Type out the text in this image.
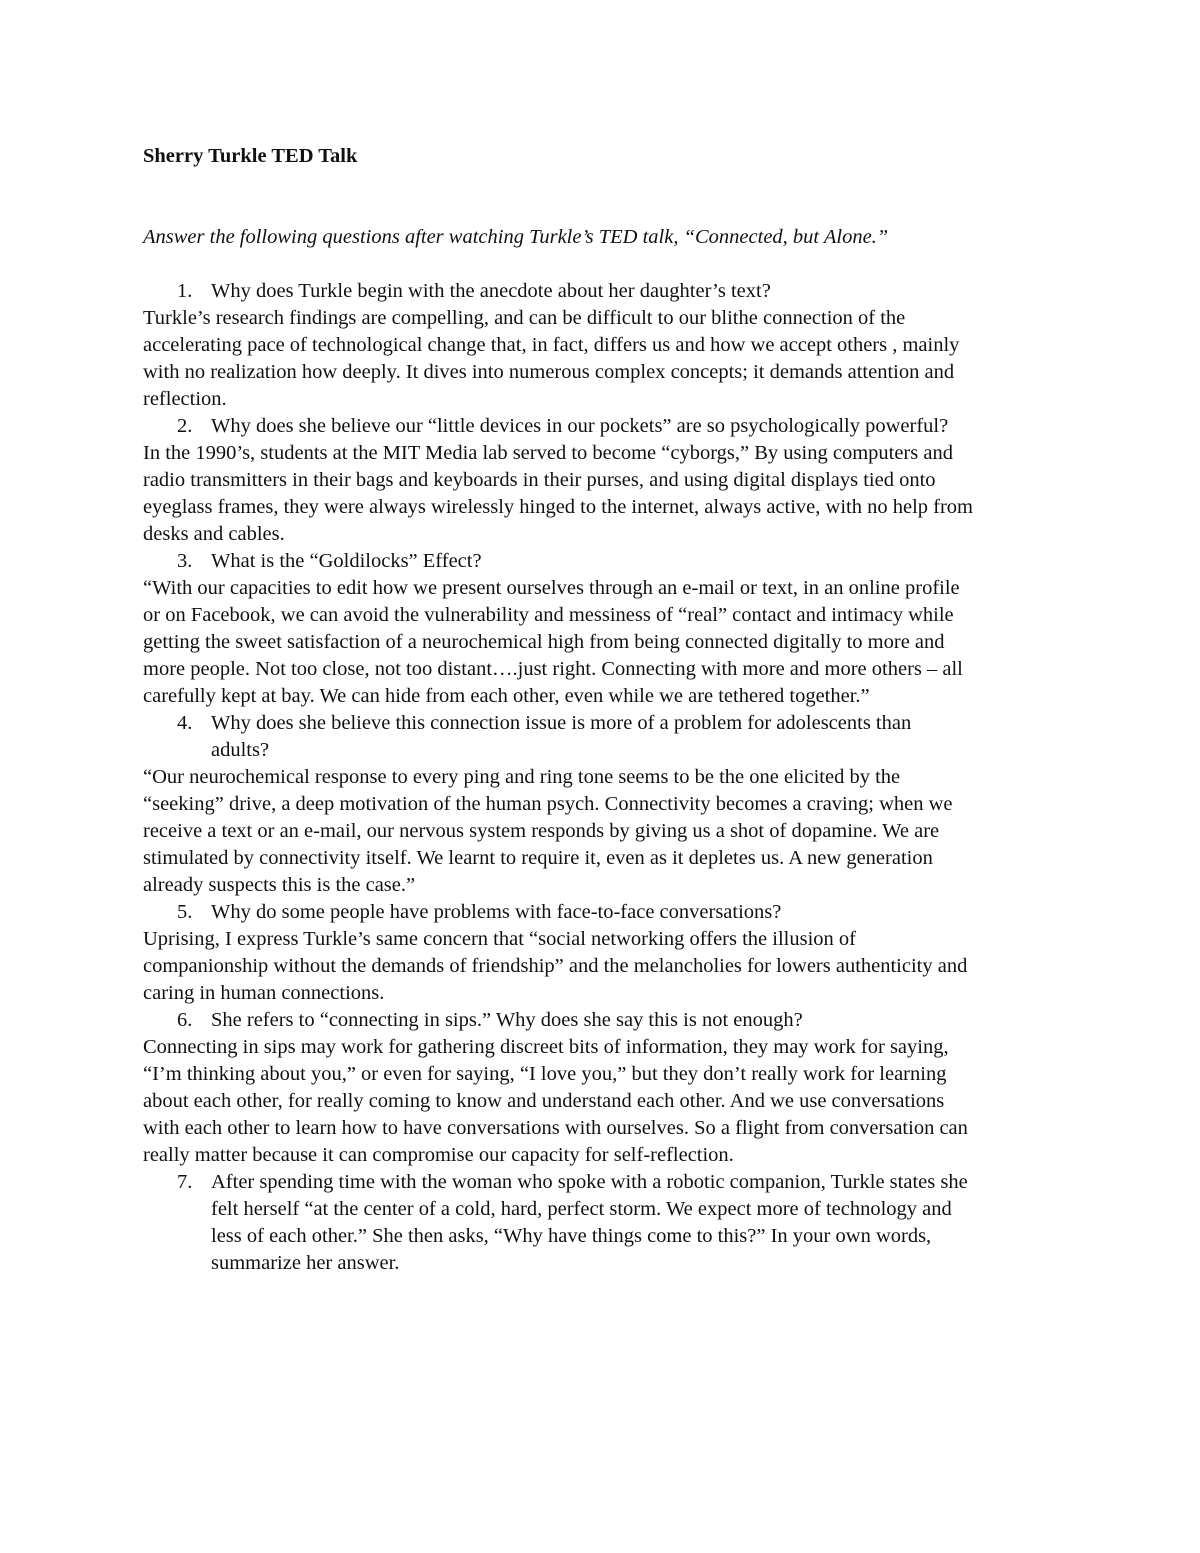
Sherry Turkle TED Talk

Answer the following questions after watching Turkle’s TED talk, “Connected, but Alone.”

1. Why does Turkle begin with the anecdote about her daughter’s text?

Turkle’s research findings are compelling, and can be difficult to our blithe connection of the accelerating pace of technological change that, in fact, differs us and how we accept others , mainly with no realization how deeply. It dives into numerous complex concepts; it demands attention and reflection.

2. Why does she believe our “little devices in our pockets” are so psychologically powerful?

In the 1990’s, students at the MIT Media lab served to become “cyborgs,” By using computers and radio transmitters in their bags and keyboards in their purses, and using digital displays tied onto eyeglass frames, they were always wirelessly hinged to the internet, always active, with no help from desks and cables.

3. What is the “Goldilocks” Effect?

“With our capacities to edit how we present ourselves through an e-mail or text, in an online profile or on Facebook, we can avoid the vulnerability and messiness of “real” contact and intimacy while getting the sweet satisfaction of a neurochemical high from being connected digitally to more and more people. Not too close, not too distant….just right. Connecting with more and more others – all carefully kept at bay. We can hide from each other, even while we are tethered together.”

4. Why does she believe this connection issue is more of a problem for adolescents than adults?

“Our neurochemical response to every ping and ring tone seems to be the one elicited by the “seeking” drive, a deep motivation of the human psych. Connectivity becomes a craving; when we receive a text or an e-mail, our nervous system responds by giving us a shot of dopamine. We are stimulated by connectivity itself. We learnt to require it, even as it depletes us. A new generation already suspects this is the case.”

5. Why do some people have problems with face-to-face conversations?

Uprising, I express Turkle’s same concern that “social networking offers the illusion of companionship without the demands of friendship” and the melancholies for lowers authenticity and caring in human connections.

6. She refers to “connecting in sips.” Why does she say this is not enough?

Connecting in sips may work for gathering discreet bits of information, they may work for saying, “I’m thinking about you,” or even for saying, “I love you,” but they don’t really work for learning about each other, for really coming to know and understand each other. And we use conversations with each other to learn how to have conversations with ourselves. So a flight from conversation can really matter because it can compromise our capacity for self-reflection.

7. After spending time with the woman who spoke with a robotic companion, Turkle states she felt herself “at the center of a cold, hard, perfect storm. We expect more of technology and less of each other.” She then asks, “Why have things come to this?” In your own words, summarize her answer.
